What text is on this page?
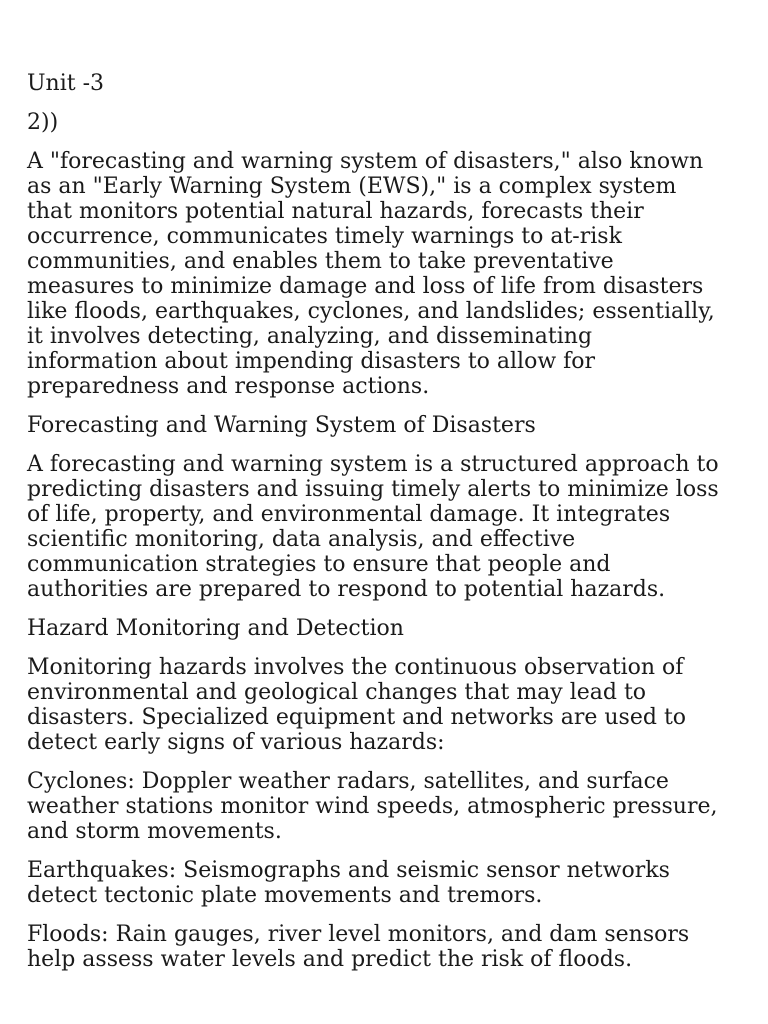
Unit -3

2))

A "forecasting and warning system of disasters," also known as an "Early Warning System (EWS)," is a complex system that monitors potential natural hazards, forecasts their occurrence, communicates timely warnings to at-risk communities, and enables them to take preventative measures to minimize damage and loss of life from disasters like floods, earthquakes, cyclones, and landslides; essentially, it involves detecting, analyzing, and disseminating information about impending disasters to allow for preparedness and response actions.

Forecasting and Warning System of Disasters

A forecasting and warning system is a structured approach to predicting disasters and issuing timely alerts to minimize loss of life, property, and environmental damage. It integrates scientific monitoring, data analysis, and effective communication strategies to ensure that people and authorities are prepared to respond to potential hazards.

Hazard Monitoring and Detection

Monitoring hazards involves the continuous observation of environmental and geological changes that may lead to disasters. Specialized equipment and networks are used to detect early signs of various hazards:

Cyclones: Doppler weather radars, satellites, and surface weather stations monitor wind speeds, atmospheric pressure, and storm movements.

Earthquakes: Seismographs and seismic sensor networks detect tectonic plate movements and tremors.

Floods: Rain gauges, river level monitors, and dam sensors help assess water levels and predict the risk of floods.
